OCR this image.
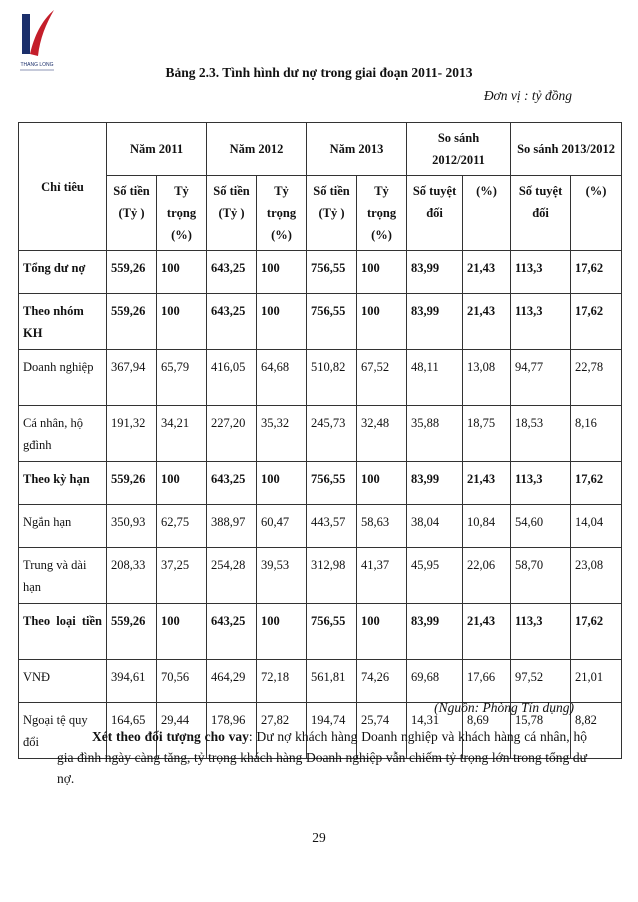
THANG LONG	Bảng 2.3. Tình hình dư nợ trong giai đoạn 2011- 2013
Đơn vị : tỷ đồng
Chỉ tiêu	Năm 2011		Năm 2012		Năm 2013		So sánh 2012/2011		So sánh 2013/2012	
	Số tiền (Tỷ )	Tỷ trọng (%)	Số tiền (Tỷ )	Tỷ trọng (%)	Số tiền (Tỷ )	Tỷ trọng (%)	Số tuyệt đối	(%)	Số tuyệt đối	(%)
Tổng dư nợ	559,26	100	643,25	100	756,55	100	83,99	21,43	113,3	17,62
Theo nhóm KH	559,26	100	643,25	100	756,55	100	83,99	21,43	113,3	17,62
Doanh nghiệp	367,94	65,79	416,05	64,68	510,82	67,52	48,11	13,08	94,77	22,78
Cá nhân, hộ gđình	191,32	34,21	227,20	35,32	245,73	32,48	35,88	18,75	18,53	8,16
Theo kỳ hạn	559,26	100	643,25	100	756,55	100	83,99	21,43	113,3	17,62
Ngắn hạn	350,93	62,75	388,97	60,47	443,57	58,63	38,04	10,84	54,60	14,04
Trung và dài hạn	208,33	37,25	254,28	39,53	312,98	41,37	45,95	22,06	58,70	23,08
Theo loại tiền	559,26	100	643,25	100	756,55	100	83,99	21,43	113,3	17,62
VNĐ	394,61	70,56	464,29	72,18	561,81	74,26	69,68	17,66	97,52	21,01
Ngoại tệ quy đổi	164,65	29,44	178,96	27,82	194,74	25,74	14,31	8,69	15,78	8,82
(Nguồn: Phòng Tín dụng)
Xét theo đối tượng cho vay: Dư nợ khách hàng Doanh nghiệp và khách hàng cá nhân, hộ gia đình ngày càng tăng, tỷ trọng khách hàng Doanh nghiệp vẫn chiếm tỷ trọng lớn trong tổng dư nợ.
29
